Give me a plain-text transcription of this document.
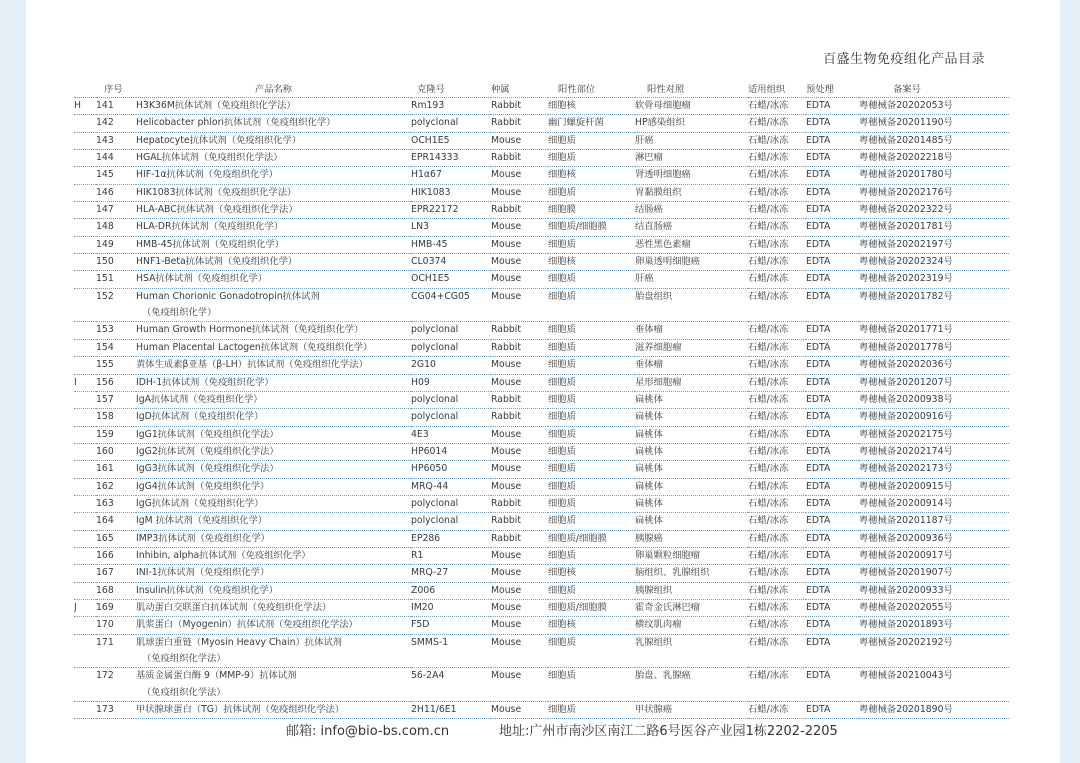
百盛生物免疫组化产品目录
	序号	产品名称	克隆号	种属	阳性部位	阳性对照	适用组织	预处理	备案号
H	141	H3K36M抗体试剂（免疫组织化学法）	Rm193	Rabbit	细胞核	软骨母细胞瘤	石蜡/冰冻	EDTA	粤穗械备20202053号
	142	Helicobacter phlori抗体试剂（免疫组织化学）	polyclonal	Rabbit	幽门螺旋杆菌	HP感染组织	石蜡/冰冻	EDTA	粤穗械备20201190号
	143	Hepatocyte抗体试剂（免疫组织化学）	OCH1E5	Mouse	细胞质	肝癌	石蜡/冰冻	EDTA	粤穗械备20201485号
	144	HGAL抗体试剂（免疫组织化学法）	EPR14333	Rabbit	细胞质	淋巴瘤	石蜡/冰冻	EDTA	粤穗械备20202218号
	145	HIF-1α抗体试剂（免疫组织化学）	H1α67	Mouse	细胞核	肾透明细胞癌	石蜡/冰冻	EDTA	粤穗械备20201780号
	146	HIK1083抗体试剂（免疫组织化学法）	HIK1083	Mouse	细胞质	胃黏膜组织	石蜡/冰冻	EDTA	粤穗械备20202176号
	147	HLA-ABC抗体试剂（免疫组织化学法）	EPR22172	Rabbit	细胞膜	结肠癌	石蜡/冰冻	EDTA	粤穗械备20202322号
	148	HLA-DR抗体试剂（免疫组织化学）	LN3	Mouse	细胞质/细胞膜	结直肠癌	石蜡/冰冻	EDTA	粤穗械备20201781号
	149	HMB-45抗体试剂（免疫组织化学）	HMB-45	Mouse	细胞质	恶性黑色素瘤	石蜡/冰冻	EDTA	粤穗械备20202197号
	150	HNF1-Beta抗体试剂（免疫组织化学）	CL0374	Mouse	细胞核	卵巢透明细胞癌	石蜡/冰冻	EDTA	粤穗械备20202324号
	151	HSA抗体试剂（免疫组织化学）	OCH1E5	Mouse	细胞质	肝癌	石蜡/冰冻	EDTA	粤穗械备20202319号
	152	Human Chorionic Gonadotropin抗体试剂
（免疫组织化学）	CG04+CG05	Mouse	细胞质	胎盘组织	石蜡/冰冻	EDTA	粤穗械备20201782号
	153	Human Growth Hormone抗体试剂（免疫组织化学）	polyclonal	Rabbit	细胞质	垂体瘤	石蜡/冰冻	EDTA	粤穗械备20201771号
	154	Human Placental Lactogen抗体试剂（免疫组织化学）	polyclonal	Rabbit	细胞质	滋养细胞瘤	石蜡/冰冻	EDTA	粤穗械备20201778号
	155	黄体生成素β亚基（β-LH）抗体试剂（免疫组织化学法）	2G10	Mouse	细胞质	垂体瘤	石蜡/冰冻	EDTA	粤穗械备20202036号
I	156	IDH-1抗体试剂（免疫组织化学）	H09	Mouse	细胞质	星形细胞瘤	石蜡/冰冻	EDTA	粤穗械备20201207号
	157	IgA抗体试剂（免疫组织化学）	polyclonal	Rabbit	细胞质	扁桃体	石蜡/冰冻	EDTA	粤穗械备20200938号
	158	IgD抗体试剂（免疫组织化学）	polyclonal	Rabbit	细胞质	扁桃体	石蜡/冰冻	EDTA	粤穗械备20200916号
	159	IgG1抗体试剂（免疫组织化学法）	4E3	Mouse	细胞质	扁桃体	石蜡/冰冻	EDTA	粤穗械备20202175号
	160	IgG2抗体试剂（免疫组织化学法）	HP6014	Mouse	细胞质	扁桃体	石蜡/冰冻	EDTA	粤穗械备20202174号
	161	IgG3抗体试剂（免疫组织化学法）	HP6050	Mouse	细胞质	扁桃体	石蜡/冰冻	EDTA	粤穗械备20202173号
	162	IgG4抗体试剂（免疫组织化学）	MRQ-44	Mouse	细胞质	扁桃体	石蜡/冰冻	EDTA	粤穗械备20200915号
	163	IgG抗体试剂（免疫组织化学）	polyclonal	Rabbit	细胞质	扁桃体	石蜡/冰冻	EDTA	粤穗械备20200914号
	164	IgM 抗体试剂（免疫组织化学）	polyclonal	Rabbit	细胞质	扁桃体	石蜡/冰冻	EDTA	粤穗械备20201187号
	165	IMP3抗体试剂（免疫组织化学）	EP286	Rabbit	细胞质/细胞膜	胰腺癌	石蜡/冰冻	EDTA	粤穗械备20200936号
	166	Inhibin, alpha抗体试剂（免疫组织化学）	R1	Mouse	细胞质	卵巢颗粒细胞瘤	石蜡/冰冻	EDTA	粤穗械备20200917号
	167	INI-1抗体试剂（免疫组织化学）	MRQ-27	Mouse	细胞核	脑组织、乳腺组织	石蜡/冰冻	EDTA	粤穗械备20201907号
	168	Insulin抗体试剂（免疫组织化学）	Z006	Mouse	细胞质	胰腺组织	石蜡/冰冻	EDTA	粤穗械备20200933号
J	169	肌动蛋白交联蛋白抗体试剂（免疫组织化学法）	IM20	Mouse	细胞质/细胞膜	霍奇金氏淋巴瘤	石蜡/冰冻	EDTA	粤穗械备20202055号
	170	肌浆蛋白（Myogenin）抗体试剂（免疫组织化学法）	F5D	Mouse	细胞核	横纹肌肉瘤	石蜡/冰冻	EDTA	粤穗械备20201893号
	171	肌球蛋白重链（Myosin Heavy Chain）抗体试剂
（免疫组织化学法）	SMMS-1	Mouse	细胞质	乳腺组织	石蜡/冰冻	EDTA	粤穗械备20202192号
	172	基质金属蛋白酶 9（MMP-9）抗体试剂
（免疫组织化学法）	56-2A4	Mouse	细胞质	胎盘、乳腺癌	石蜡/冰冻	EDTA	粤穗械备20210043号
	173	甲状腺球蛋白（TG）抗体试剂（免疫组织化学法）	2H11/6E1	Mouse	细胞质	甲状腺癌	石蜡/冰冻	EDTA	粤穗械备20201890号
邮箱: info@bio-bs.com.cn	地址:广州市南沙区南江二路6号医谷产业园1栋2202-2205
